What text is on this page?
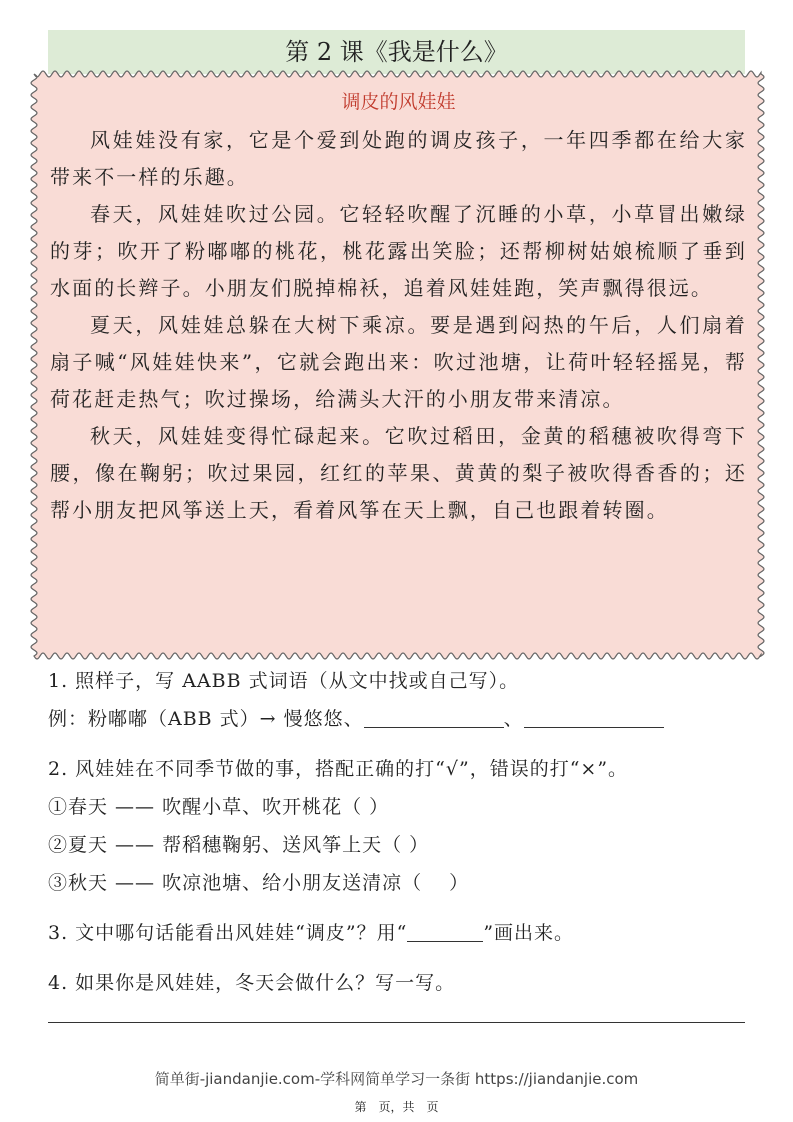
第 2 课《我是什么》
调皮的风娃娃

风娃娃没有家，它是个爱到处跑的调皮孩子，一年四季都在给大家带来不一样的乐趣。

春天，风娃娃吹过公园。它轻轻吹醒了沉睡的小草，小草冒出嫩绿的芽；吹开了粉嘟嘟的桃花，桃花露出笑脸；还帮柳树姑娘梳顺了垂到水面的长辫子。小朋友们脱掉棉袄，追着风娃娃跑，笑声飘得很远。

夏天，风娃娃总躲在大树下乘凉。要是遇到闷热的午后，人们扇着扇子喊“风娃娃快来”，它就会跑出来：吹过池塘，让荷叶轻轻摇晃，帮荷花赶走热气；吹过操场，给满头大汗的小朋友带来清凉。

秋天，风娃娃变得忙碌起来。它吹过稻田，金黄的稻穗被吹得弯下腰，像在鞠躬；吹过果园，红红的苹果、黄黄的梨子被吹得香香的；还帮小朋友把风筝送上天，看着风筝在天上飘，自己也跟着转圈。

1. 照样子，写 AABB 式词语（从文中找或自己写）。
例：粉嘟嘟（ABB 式）→ 慢悠悠、	、
2. 风娃娃在不同季节做的事，搭配正确的打“√”，错误的打“×”。
①春天 —— 吹醒小草、吹开桃花（ ）
②夏天 —— 帮稻穗鞠躬、送风筝上天（ ）
③秋天 —— 吹凉池塘、给小朋友送清凉（　 ）
3. 文中哪句话能看出风娃娃“调皮”？用“	”画出来。
4. 如果你是风娃娃，冬天会做什么？写一写。
简单街-jiandanjie.com-学科网简单学习一条街 https://jiandanjie.com
第　页，共　页
